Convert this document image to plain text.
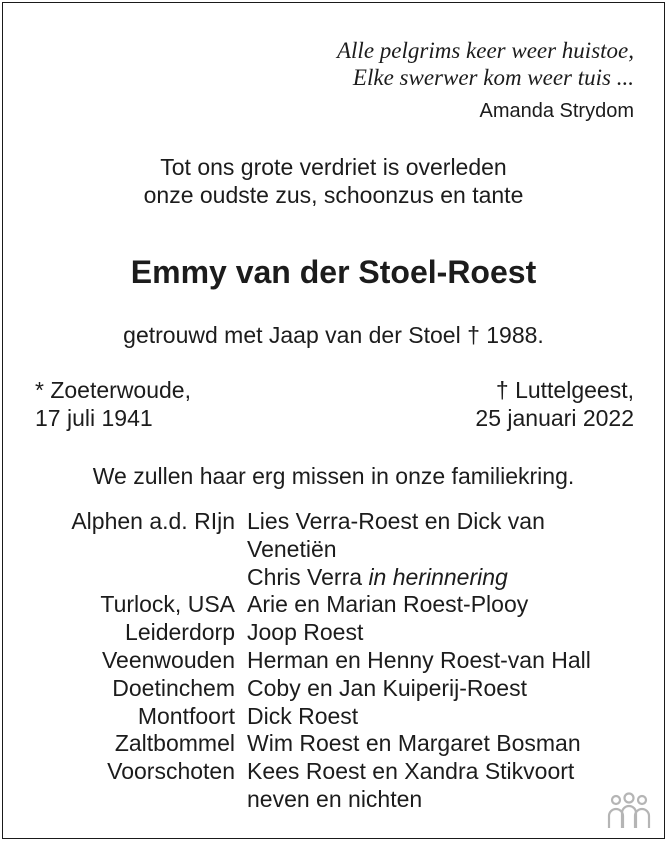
Alle pelgrims keer weer huistoe,
Elke swerwer kom weer tuis ...
Amanda Strydom
Tot ons grote verdriet is overleden
onze oudste zus, schoonzus en tante
Emmy van der Stoel-Roest
getrouwd met Jaap van der Stoel † 1988.
* Zoeterwoude,
17 juli 1941
† Luttelgeest,
25 januari 2022
We zullen haar erg missen in onze familiekring.
Alphen a.d. RIjn Lies Verra-Roest en Dick van
Venetiën
Chris Verra in herinnering
Turlock, USA Arie en Marian Roest-Plooy
Leiderdorp Joop Roest
Veenwouden Herman en Henny Roest-van Hall
Doetinchem Coby en Jan Kuiperij-Roest
Montfoort Dick Roest
Zaltbommel Wim Roest en Margaret Bosman
Voorschoten Kees Roest en Xandra Stikvoort
neven en nichten
